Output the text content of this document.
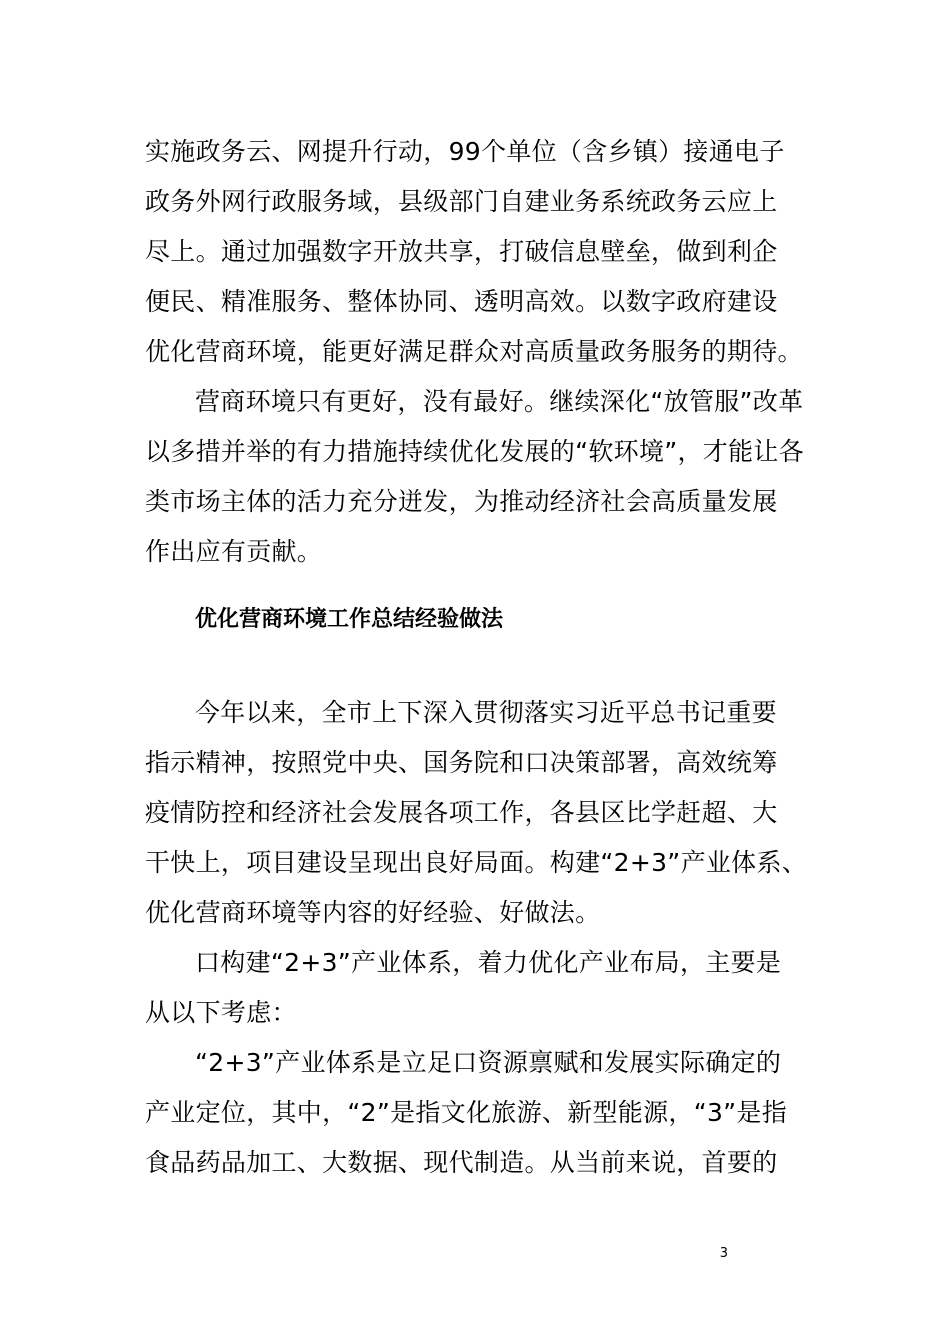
实施政务云、网提升行动，99个单位（含乡镇）接通电子
政务外网行政服务域，县级部门自建业务系统政务云应上
尽上。通过加强数字开放共享，打破信息壁垒，做到利企
便民、精准服务、整体协同、透明高效。以数字政府建设
优化营商环境，能更好满足群众对高质量政务服务的期待。
营商环境只有更好，没有最好。继续深化“放管服”改革
以多措并举的有力措施持续优化发展的“软环境”，才能让各
类市场主体的活力充分迸发，为推动经济社会高质量发展
作出应有贡献。
优化营商环境工作总结经验做法
今年以来，全市上下深入贯彻落实习近平总书记重要
指示精神，按照党中央、国务院和口决策部署，高效统筹
疫情防控和经济社会发展各项工作，各县区比学赶超、大
干快上，项目建设呈现出良好局面。构建“2+3”产业体系、
优化营商环境等内容的好经验、好做法。
口构建“2+3”产业体系，着力优化产业布局，主要是
从以下考虑：
“2+3”产业体系是立足口资源禀赋和发展实际确定的
产业定位，其中，“2”是指文化旅游、新型能源，“3”是指
食品药品加工、大数据、现代制造。从当前来说，首要的
3
